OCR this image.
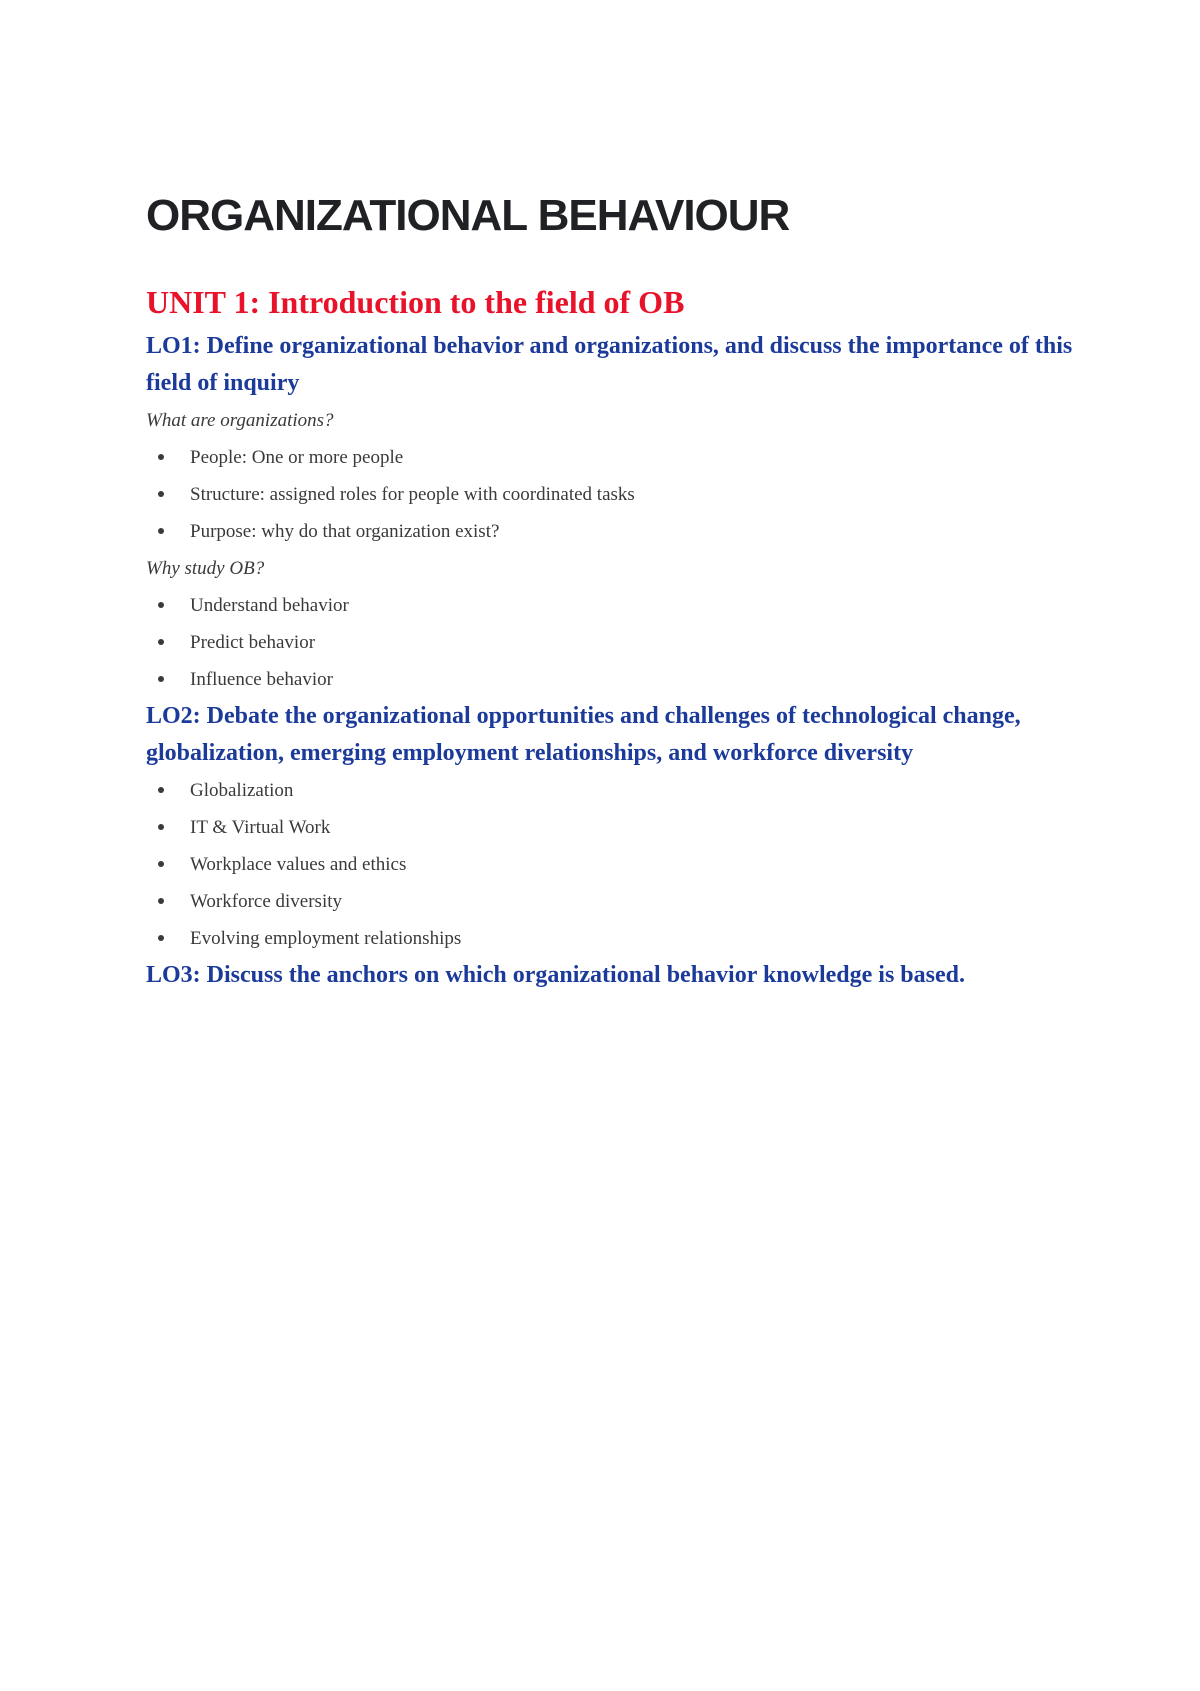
ORGANIZATIONAL BEHAVIOUR
UNIT 1: Introduction to the field of OB
LO1: Define organizational behavior and organizations, and discuss the importance of this field of inquiry

What are organizations?

People: One or more people
Structure: assigned roles for people with coordinated tasks
Purpose: why do that organization exist?

Why study OB?

Understand behavior
Predict behavior
Influence behavior
LO2: Debate the organizational opportunities and challenges of technological change, globalization, emerging employment relationships, and workforce diversity
Globalization
IT & Virtual Work
Workplace values and ethics
Workforce diversity
Evolving employment relationships
LO3: Discuss the anchors on which organizational behavior knowledge is based.
